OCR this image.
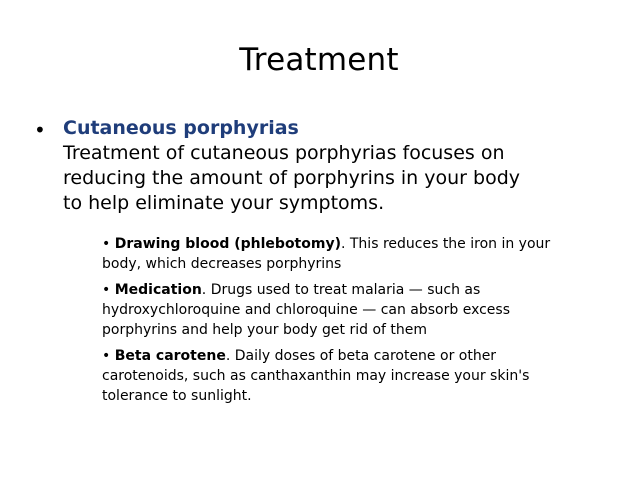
Treatment
• Cutaneous porphyrias
Treatment of cutaneous porphyrias focuses on
reducing the amount of porphyrins in your body
to help eliminate your symptoms.
• Drawing blood (phlebotomy). This reduces the iron in your
body, which decreases porphyrins
• Medication. Drugs used to treat malaria — such as
hydroxychloroquine and chloroquine — can absorb excess
porphyrins and help your body get rid of them
• Beta carotene. Daily doses of beta carotene or other
carotenoids, such as canthaxanthin may increase your skin's
tolerance to sunlight.
